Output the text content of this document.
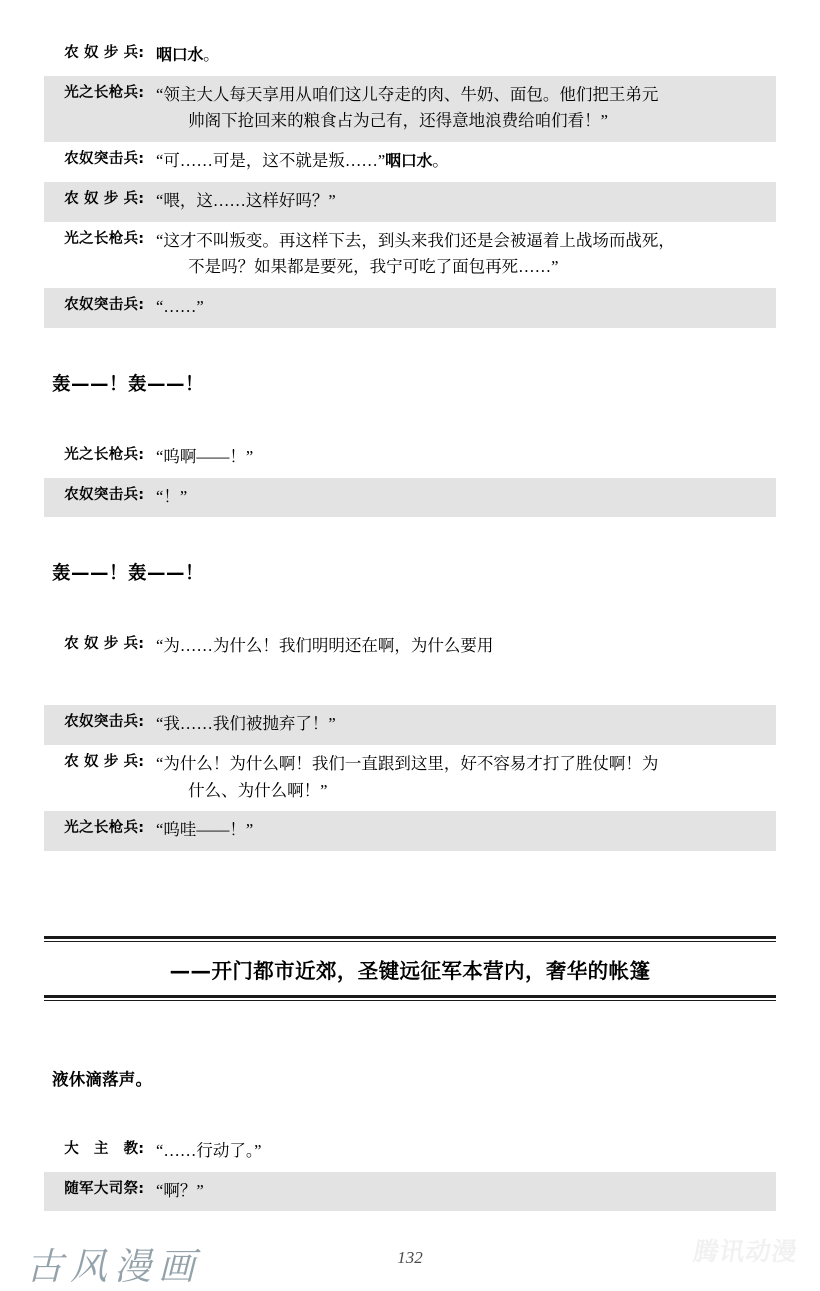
农奴步兵 : 咽口水。
光之长枪兵 : “领主大人每天享用从咱们这儿夺走的肉、牛奶、面包。他们把王弟元
帅阁下抢回来的粮食占为己有，还得意地浪费给咱们看！”
农奴突击兵 : “可……可是，这不就是叛……”咽口水。
农奴步兵 : “喂，这……这样好吗？”
光之长枪兵 : “这才不叫叛变。再这样下去，到头来我们还是会被逼着上战场而战死，
不是吗？如果都是要死，我宁可吃了面包再死……”
农奴突击兵 : “……”
轰——！轰——！
光之长枪兵 : “呜啊——！”
农奴突击兵 : “！”
轰——！轰——！
农奴步兵 : “为……为什么！我们明明还在啊，为什么要用
农奴突击兵 : “我……我们被抛弃了！”
农奴步兵 : “为什么！为什么啊！我们一直跟到这里，好不容易才打了胜仗啊！为
什么、为什么啊！”
光之长枪兵 : “呜哇——！”
——开门都市近郊，圣键远征军本营内，奢华的帐篷
液休滴落声。
大主教 : “……行动了。”
随军大司祭 : “啊？”
古风漫画	132	腾讯动漫
